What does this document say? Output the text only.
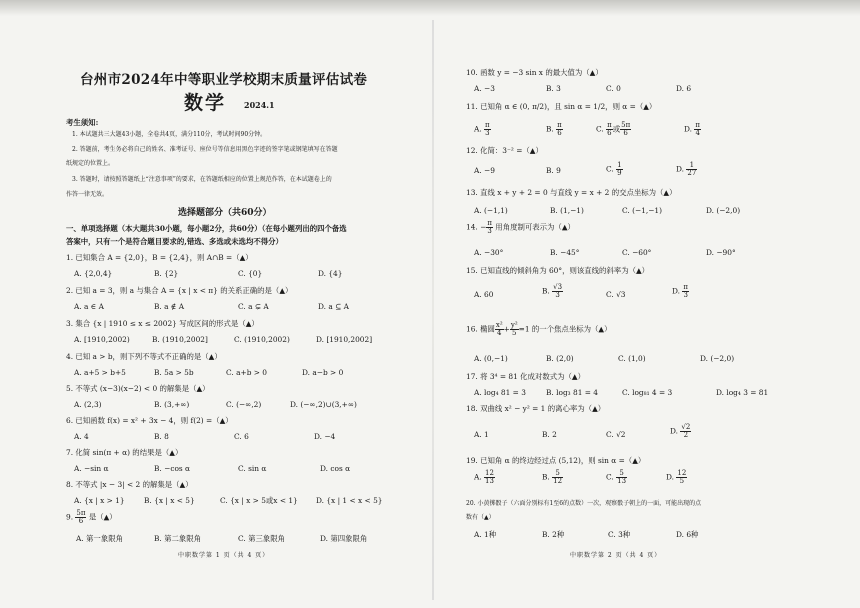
台州市2024年中等职业学校期末质量评估试卷
数学 2024.1
考生须知:
1. 本试题共三大题43小题，全卷共4页，满分110分，考试时间90分钟。
2. 答题前，考生务必将自己的姓名、准考证号、座位号等信息用黑色字迹的签字笔或钢笔填写在答题
纸规定的位置上。
3. 答题时，请按照答题纸上“注意事项”的要求，在答题纸相应的位置上规范作答，在本试题卷上的
作答一律无效。
选择题部分（共60分）
一、单项选择题（本大题共30小题，每小题2分，共60分）（在每小题列出的四个备选
答案中，只有一个是符合题目要求的,错选、多选或未选均不得分）
1. 已知集合 A = {2,0}，B = {2,4}，则 A∩B =（▲）
A. {2,0,4}	B. {2}	C. {0}	D. {4}
2. 已知 a = 3，则 a 与集合 A = {x | x < π} 的关系正确的是（▲）
A. a ∈ A	B. a ∉ A	C. a ⊊ A	D. a ⊆ A
3. 集合 {x | 1910 ≤ x ≤ 2002} 写成区间的形式是（▲）
A. [1910,2002)	B. (1910,2002]	C. (1910,2002)	D. [1910,2002]
4. 已知 a > b，则下列不等式不正确的是（▲）
A. a+5 > b+5	B. 5a > 5b	C. a+b > 0	D. a−b > 0
5. 不等式 (x−3)(x−2) < 0 的解集是（▲）
A. (2,3)	B. (3,+∞)	C. (−∞,2)	D. (−∞,2)∪(3,+∞)
6. 已知函数 f(x) = x² + 3x − 4，则 f(2) =（▲）
A. 4	B. 8	C. 6	D. −4
7. 化简 sin(π + α) 的结果是（▲）
A. −sin α	B. −cos α	C. sin α	D. cos α
8. 不等式 |x − 3| < 2 的解集是（▲）
A. {x | x > 1}	B. {x | x < 5}	C. {x | x > 5或x < 1} D. {x | 1 < x < 5}
9. $\frac{5\pi}{6}$ 是（▲）
A. 第一象限角	B. 第二象限角	C. 第三象限角	D. 第四象限角
中职数学第 1 页（共 4 页）
10. 函数 y = −3 sin x 的最大值为（▲）
A. −3	B. 3	C. 0	D. 6
11. 已知角 α ∈ (0, π/2)，且 sin α = 1/2，则 α =（▲）
A. $\frac{\pi}{3}$	B. $\frac{\pi}{6}$	C. $\frac{\pi}{6}$ 或 $\frac{5\pi}{6}$	D. $\frac{\pi}{4}$
12. 化简：3⁻² =（▲）
A. −9	B. 9	C. $\frac{1}{9}$	D. $\frac{1}{27}$
13. 直线 x + y + 2 = 0 与直线 y = x + 2 的交点坐标为（▲）
A. (−1,1)	B. (1,−1)	C. (−1,−1)	D. (−2,0)
14. − $\frac{\pi}{3}$ 用角度制可表示为（▲）
A. −30°	B. −45°	C. −60°	D. −90°
15. 已知直线的倾斜角为 60°，则该直线的斜率为（▲）
A. 60	B. $\frac{√3}{3}$	C. √3	D. $\frac{\pi}{3}$
16. 椭圆 $\frac{\text{x²}}{4} + \frac{\text{y²}}{5} =1$ 的一个焦点坐标为（▲）
A. (0,−1)	B. (2,0)	C. (1,0)	D. (−2,0)
17. 将 3⁴ = 81 化成对数式为（▲）
A. log₄ 81 = 3	B. log₃ 81 = 4	C. log₈₁ 4 = 3	D. log₄ 3 = 81
18. 双曲线 x² − y² = 1 的离心率为（▲）
A. 1	B. 2	C. √2	D. $\frac{√2}{2}$
19. 已知角 α 的终边经过点 (5,12)，则 sin α =（▲）
A. $\frac{12}{13}$	B. $\frac{5}{12}$	C. $\frac{5}{13}$	D. $\frac{12}{5}$
20. 小黄掷骰子（六面分别标有1至6的点数）一次，观察骰子朝上的一面，可能出现的点
数有（▲）
A. 1种	B. 2种	C. 3种	D. 6种
中职数学第 2 页（共 4 页）
